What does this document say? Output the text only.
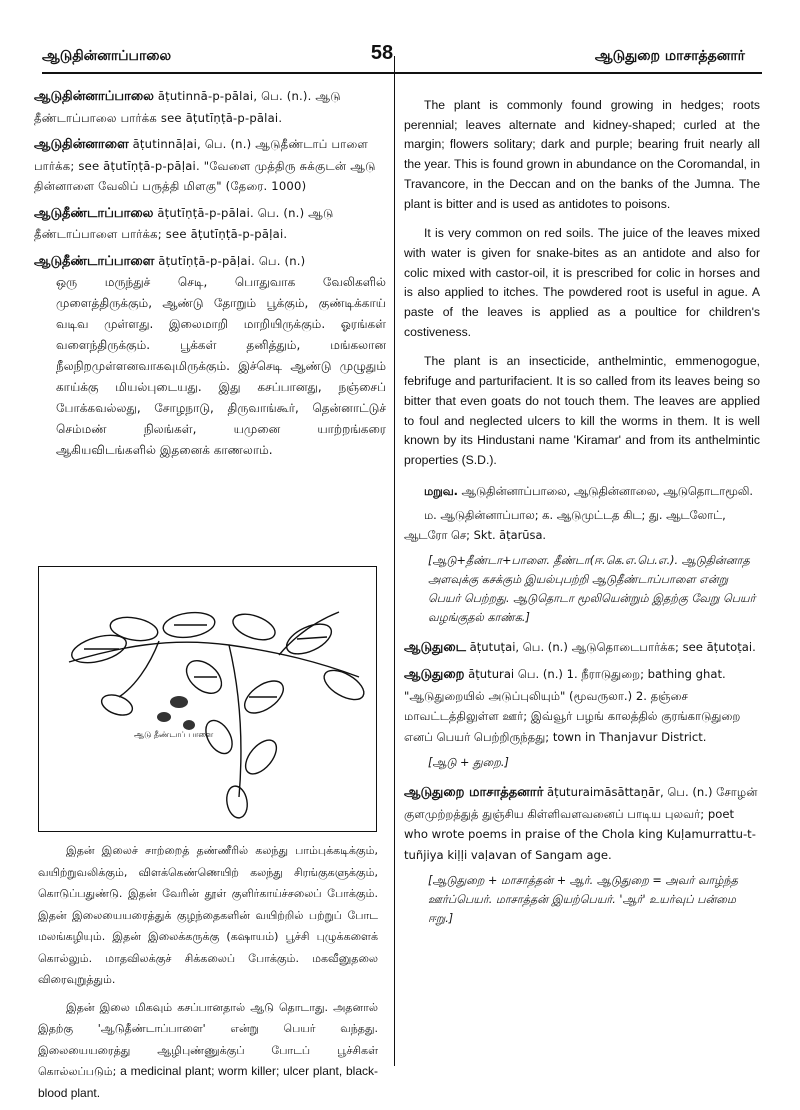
ஆடுதின்னாப்பாலை	58	ஆடுதுறை மாசாத்தனார்
ஆடுதின்னாப்பாலை āṭutinnā-p-pālai, பெ. (n.). ஆடு தீண்டாப்பாலை பார்க்க see āṭutīṇṭā-p-pālai.
ஆடுதின்னாளை āṭutinnāḷai, பெ. (n.) ஆடுதீண்டாப் பாளை பார்க்க; see āṭutīṇṭā-p-pāḷai. "வேளை முத்திரு சுக்குடன் ஆடு தின்னாளை வேலிப் பருத்தி மிளகு" (தேரை. 1000)
ஆடுதீண்டாப்பாலை āṭutīṇṭā-p-pālai. பெ. (n.) ஆடு தீண்டாப்பாளை பார்க்க; see āṭutīṇṭā-p-pāḷai.
ஆடுதீண்டாப்பாளை āṭutīṇṭā-p-pāḷai. பெ. (n.)
ஒரு மருந்துச் செடி, பொதுவாக வேலிகளில் முளைத்திருக்கும், ஆண்டு தோறும் பூக்கும், குண்டிக்காய் வடிவ முள்ளது. இலைமாறி மாறியிருக்கும். ஓரங்கள் வளைந்திருக்கும். பூக்கள் தனித்தும், மங்கலான நீலநிறமுள்ளனவாகவுமிருக்கும். இச்செடி ஆண்டு முழுதும் காய்க்கு மியல்புடையது. இது கசப்பானது, நஞ்சைப் போக்கவல்லது, சோழநாடு, திருவாங்கூர், தென்னாட்டுச் செம்மண் நிலங்கள், யமுனை யாற்றங்கரை ஆகியவிடங்களில் இதனைக் காணலாம்.
ஆடு தீண்டாப் பாளை

இதன் இலைச் சாற்றைத் தண்ணீரில் கலந்து பாம்புக்கடிக்கும், வயிற்றுவலிக்கும், விளக்கெண்ணெயிற் கலந்து சிரங்குகளுக்கும், கொடுப்பதுண்டு. இதன் வேரின் தூள் குளிர்காய்ச்சலைப் போக்கும். இதன் இலையையரைத்துக் குழந்தைகளின் வயிற்றில் பற்றுப் போட மலங்கழியும். இதன் இலைக்கருக்கு (கஷாயம்) பூச்சி புழுக்களைக் கொல்லும். மாதவிலக்குச் சிக்கலைப் போக்கும். மகவீனுதலை விரைவுறுத்தும்.

இதன் இலை மிகவும் கசப்பானதால் ஆடு தொடாது. அதனால் இதற்கு 'ஆடுதீண்டாப்பாளை' என்று பெயர் வந்தது. இலையையரைத்து ஆழிபுண்ணுக்குப் போடப் பூச்சிகள் கொல்லப்படும்; a medicinal plant; worm killer; ulcer plant, black-blood plant.

The plant is commonly found growing in hedges; roots perennial; leaves alternate and kidney-shaped; curled at the margin; flowers solitary; dark and purple; bearing fruit nearly all the year. This is found grown in abundance on the Coromandal, in Travancore, in the Deccan and on the banks of the Jumna. The plant is bitter and is used as antidotes to poisons.

It is very common on red soils. The juice of the leaves mixed with water is given for snake-bites as an antidote and also for colic mixed with castor-oil, it is prescribed for colic in horses and is also applied to itches. The powdered root is useful in ague. A paste of the leaves is applied as a poultice for children's costiveness.

The plant is an insecticide, anthelmintic, emmenogogue, febrifuge and parturifacient. It is so called from its leaves being so bitter that even goats do not touch them. The leaves are applied to foul and neglected ulcers to kill the worms in them. It is well known by its Hindustani name 'Kiramar' and from its anthelmintic properties (S.D.).

மறுவ. ஆடுதின்னாப்பாலை, ஆடுதின்னாலை, ஆடுதொடாமூலி.
ம. ஆடுதின்னாப்பால; க. ஆடுமுட்டத கிட; து. ஆடலோட், ஆடரோ செ; Skt. āṭarūsa.
[ஆடு+தீண்டா+பாளை. தீண்டா(ஈ.கெ.எ.பெ.எ.). ஆடுதின்னாத அளவுக்கு கசக்கும் இயல்புபற்றி ஆடுதீண்டாப்பாளை என்று பெயர் பெற்றது. ஆடுதொடா மூலியென்றும் இதற்கு வேறு பெயர் வழங்குதல் காண்க.]
ஆடுதுடை āṭutuṭai, பெ. (n.) ஆடுதொடைபார்க்க; see āṭutoṭai.
ஆடுதுறை āṭuturai பெ. (n.) 1. நீராடுதுறை; bathing ghat. "ஆடுதுறையில் அடுப்புலியும்" (மூவருலா.) 2. தஞ்சை மாவட்டத்திலுள்ள ஊர்; இவ்வூர் பழங் காலத்தில் குரங்காடுதுறை எனப் பெயர் பெற்றிருந்தது; town in Thanjavur District.
[ஆடு + துறை.]
ஆடுதுறை மாசாத்தனார் āṭuturaimāsāttaṉār, பெ. (n.) சோழன் குளமுற்றத்துத் துஞ்சிய கிள்ளிவளவனைப் பாடிய புலவர்; poet who wrote poems in praise of the Chola king Kuḷamurrattu-t-tuñjiya kiḷḷi vaḷavan of Sangam age.
[ஆடுதுறை + மாசாத்தன் + ஆர். ஆடுதுறை = அவர் வாழ்ந்த ஊர்ப்பெயர். மாசாத்தன் இயற்பெயர். 'ஆர்' உயர்வுப் பன்மை ஈறு.]
